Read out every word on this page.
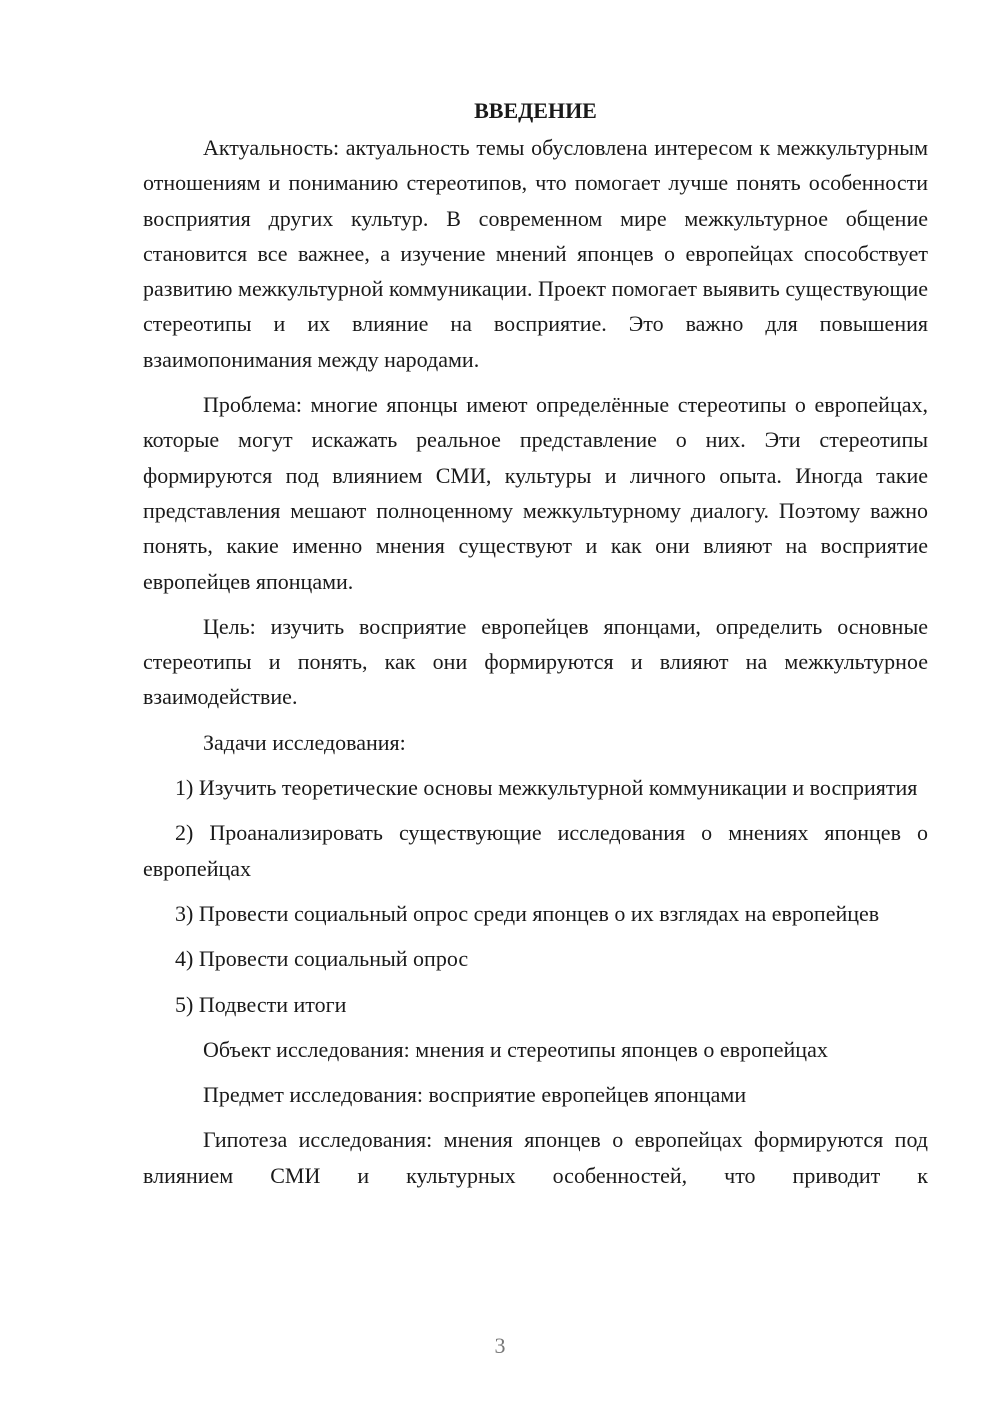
ВВЕДЕНИЕ

Актуальность: актуальность темы обусловлена интересом к межкультурным отношениям и пониманию стереотипов, что помогает лучше понять особенности восприятия других культур. В современном мире межкультурное общение становится все важнее, а изучение мнений японцев о европейцах способствует развитию межкультурной коммуникации. Проект помогает выявить существующие стереотипы и их влияние на восприятие. Это важно для повышения взаимопонимания между народами.

Проблема: многие японцы имеют определённые стереотипы о европейцах, которые могут искажать реальное представление о них. Эти стереотипы формируются под влиянием СМИ, культуры и личного опыта. Иногда такие представления мешают полноценному межкультурному диалогу. Поэтому важно понять, какие именно мнения существуют и как они влияют на восприятие европейцев японцами.

Цель: изучить восприятие европейцев японцами, определить основные стереотипы и понять, как они формируются и влияют на межкультурное взаимодействие.

Задачи исследования:

1) Изучить теоретические основы межкультурной коммуникации и восприятия

2) Проанализировать существующие исследования о мнениях японцев о европейцах

3) Провести социальный опрос среди японцев о их взглядах на европейцев

4) Провести социальный опрос

5) Подвести итоги

Объект исследования: мнения и стереотипы японцев о европейцах

Предмет исследования: восприятие европейцев японцами

Гипотеза исследования: мнения японцев о европейцах формируются под влиянием СМИ и культурных особенностей, что приводит к

3
